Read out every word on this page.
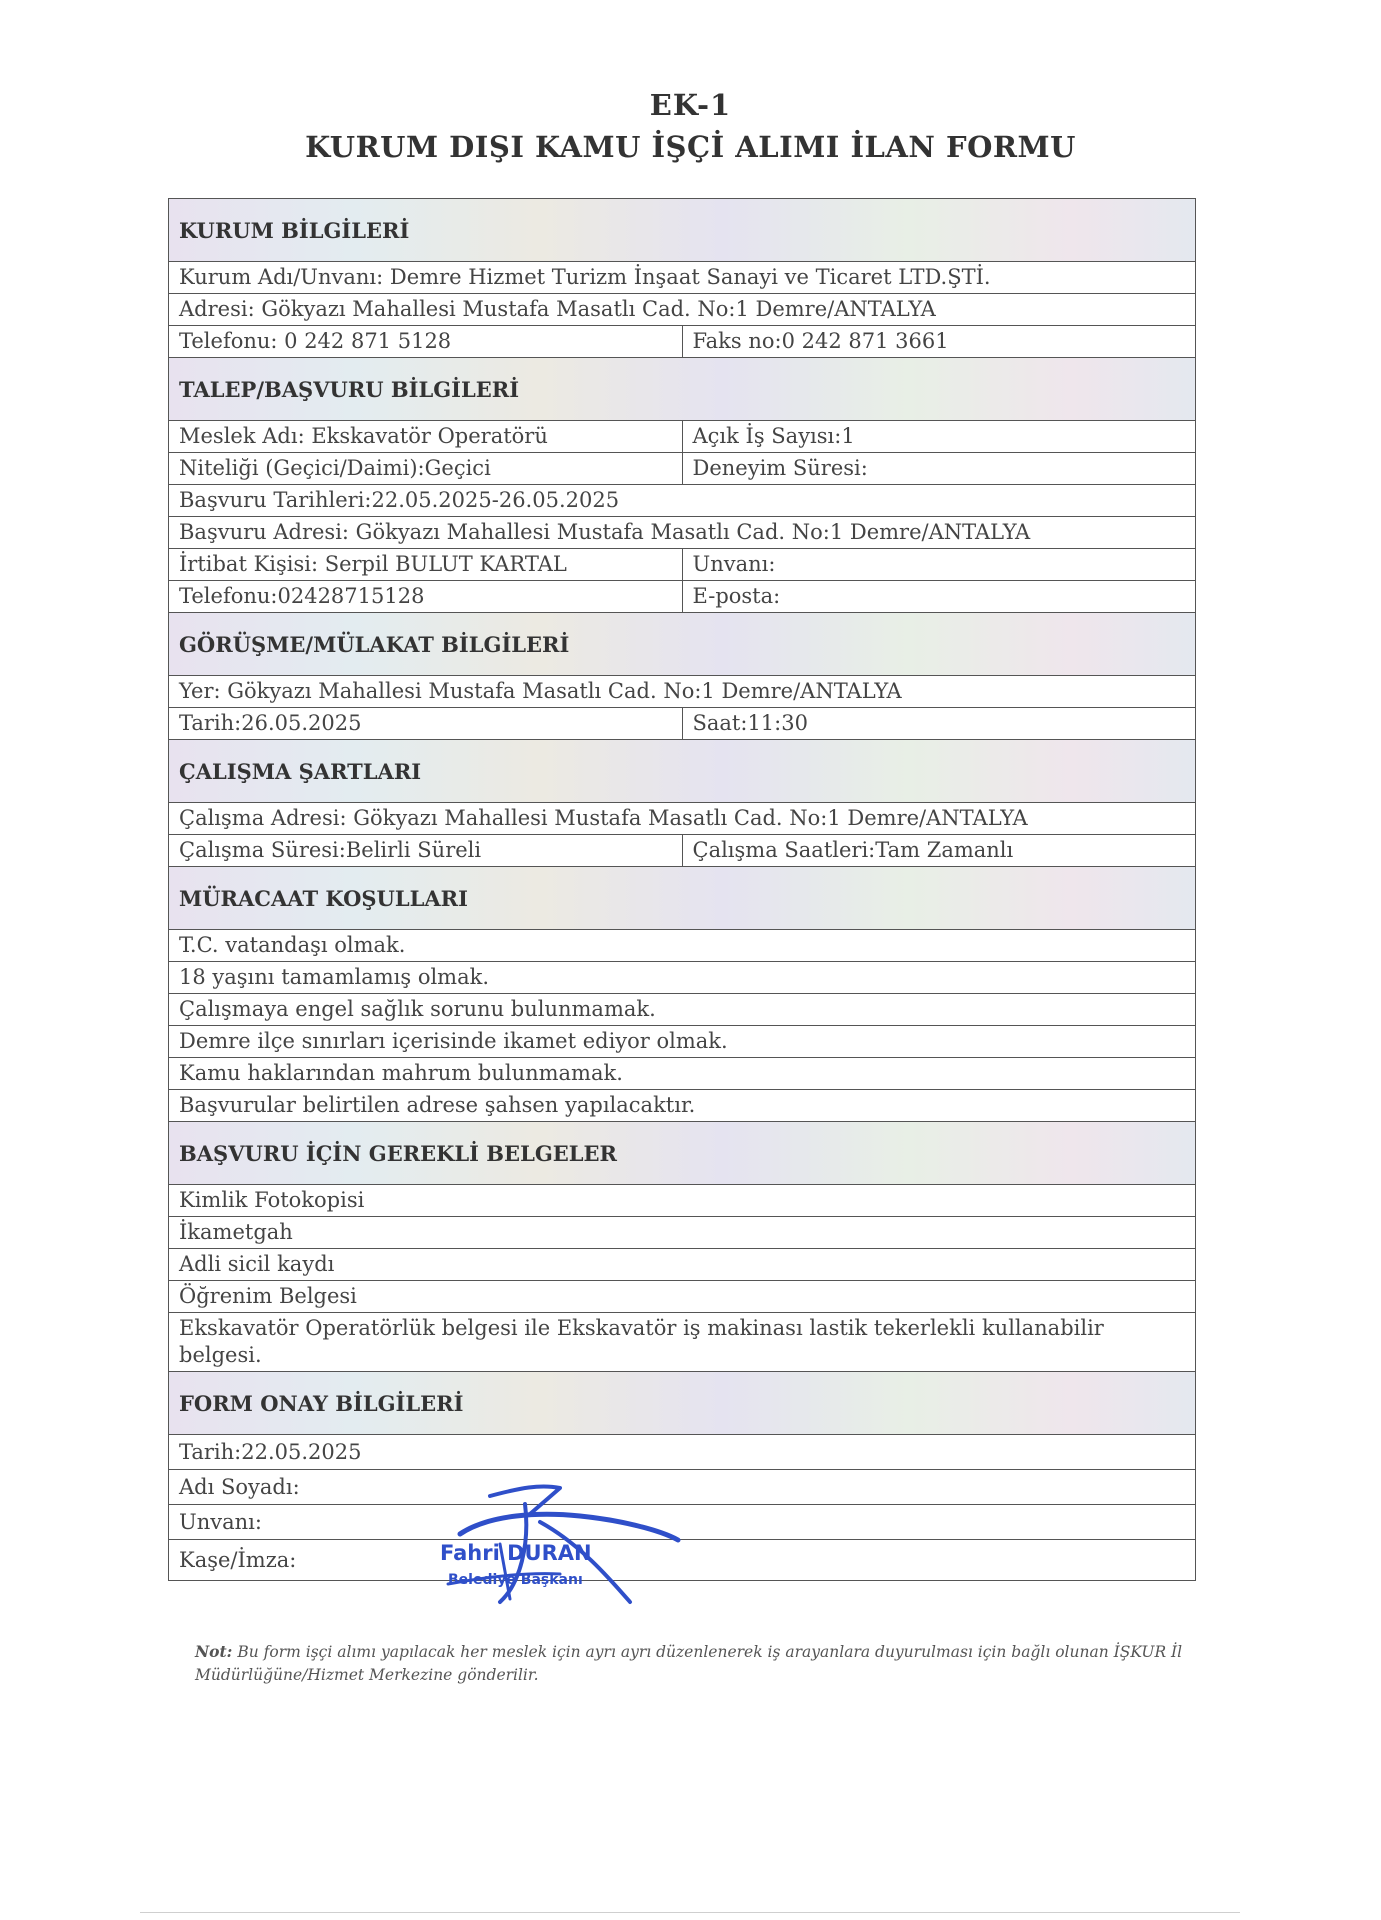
EK-1
KURUM DIŞI KAMU İŞÇİ ALIMI İLAN FORMU
KURUM BİLGİLERİ	
Kurum Adı/Unvanı: Demre Hizmet Turizm İnşaat Sanayi ve Ticaret LTD.ŞTİ.	
Adresi: Gökyazı Mahallesi Mustafa Masatlı Cad. No:1 Demre/ANTALYA	
Telefonu: 0 242 871 5128	Faks no:0 242 871 3661
TALEP/BAŞVURU BİLGİLERİ	
Meslek Adı: Ekskavatör Operatörü	Açık İş Sayısı:1
Niteliği (Geçici/Daimi):Geçici	Deneyim Süresi:
Başvuru Tarihleri:22.05.2025-26.05.2025	
Başvuru Adresi: Gökyazı Mahallesi Mustafa Masatlı Cad. No:1 Demre/ANTALYA	
İrtibat Kişisi: Serpil BULUT KARTAL	Unvanı:
Telefonu:02428715128	E-posta:
GÖRÜŞME/MÜLAKAT BİLGİLERİ	
Yer: Gökyazı Mahallesi Mustafa Masatlı Cad. No:1 Demre/ANTALYA	
Tarih:26.05.2025	Saat:11:30
ÇALIŞMA ŞARTLARI	
Çalışma Adresi: Gökyazı Mahallesi Mustafa Masatlı Cad. No:1 Demre/ANTALYA	
Çalışma Süresi:Belirli Süreli	Çalışma Saatleri:Tam Zamanlı
MÜRACAAT KOŞULLARI	
T.C. vatandaşı olmak.	
18 yaşını tamamlamış olmak.	
Çalışmaya engel sağlık sorunu bulunmamak.	
Demre ilçe sınırları içerisinde ikamet ediyor olmak.	
Kamu haklarından mahrum bulunmamak.	
Başvurular belirtilen adrese şahsen yapılacaktır.	
BAŞVURU İÇİN GEREKLİ BELGELER	
Kimlik Fotokopisi	
İkametgah	
Adli sicil kaydı	
Öğrenim Belgesi	
Ekskavatör Operatörlük belgesi ile Ekskavatör iş makinası lastik tekerlekli kullanabilir belgesi.	
FORM ONAY BİLGİLERİ	
Tarih:22.05.2025	
Adı Soyadı:	
Unvanı:	
Kaşe/İmza:		Fahri DURAN
Belediye Başkanı
Not: Bu form işçi alımı yapılacak her meslek için ayrı ayrı düzenlenerek iş arayanlara duyurulması için bağlı olunan İŞKUR İl Müdürlüğüne/Hizmet Merkezine gönderilir.
